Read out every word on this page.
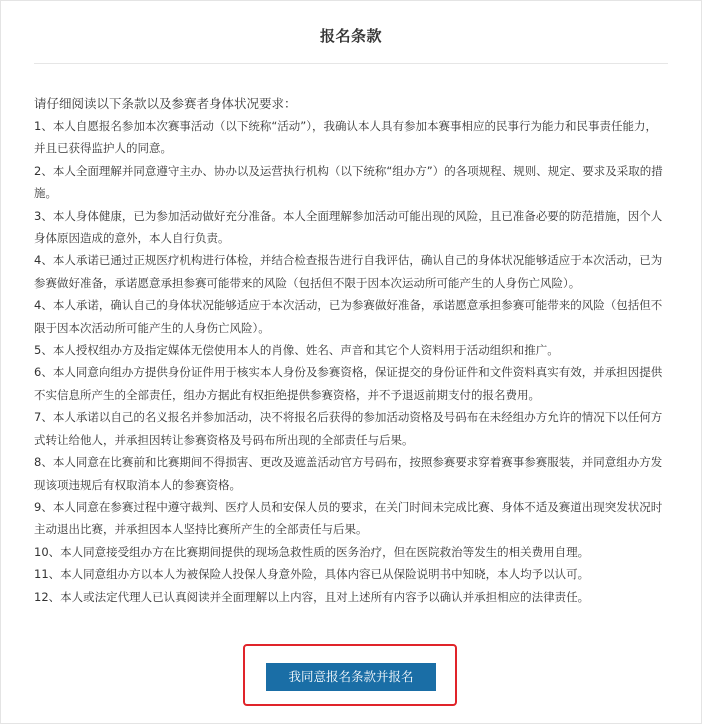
报名条款

请仔细阅读以下条款以及参赛者身体状况要求：

1、本人自愿报名参加本次赛事活动（以下统称“活动”），我确认本人具有参加本赛事相应的民事行为能力和民事责任能力，并且已获得监护人的同意。

2、本人全面理解并同意遵守主办、协办以及运营执行机构（以下统称“组办方”）的各项规程、规则、规定、要求及采取的措施。

3、本人身体健康，已为参加活动做好充分准备。本人全面理解参加活动可能出现的风险，且已准备必要的防范措施，因个人身体原因造成的意外，本人自行负责。

4、本人承诺已通过正规医疗机构进行体检，并结合检查报告进行自我评估，确认自己的身体状况能够适应于本次活动，已为参赛做好准备，承诺愿意承担参赛可能带来的风险（包括但不限于因本次运动所可能产生的人身伤亡风险）。

4、本人承诺，确认自己的身体状况能够适应于本次活动，已为参赛做好准备，承诺愿意承担参赛可能带来的风险（包括但不限于因本次活动所可能产生的人身伤亡风险）。

5、本人授权组办方及指定媒体无偿使用本人的肖像、姓名、声音和其它个人资料用于活动组织和推广。

6、本人同意向组办方提供身份证件用于核实本人身份及参赛资格，保证提交的身份证件和文件资料真实有效，并承担因提供不实信息所产生的全部责任，组办方据此有权拒绝提供参赛资格，并不予退返前期支付的报名费用。

7、本人承诺以自己的名义报名并参加活动，决不将报名后获得的参加活动资格及号码布在未经组办方允许的情况下以任何方式转让给他人，并承担因转让参赛资格及号码布所出现的全部责任与后果。

8、本人同意在比赛前和比赛期间不得损害、更改及遮盖活动官方号码布，按照参赛要求穿着赛事参赛服装，并同意组办方发现该项违规后有权取消本人的参赛资格。

9、本人同意在参赛过程中遵守裁判、医疗人员和安保人员的要求，在关门时间未完成比赛、身体不适及赛道出现突发状况时主动退出比赛，并承担因本人坚持比赛所产生的全部责任与后果。

10、本人同意接受组办方在比赛期间提供的现场急救性质的医务治疗，但在医院救治等发生的相关费用自理。

11、本人同意组办方以本人为被保险人投保人身意外险，具体内容已从保险说明书中知晓，本人均予以认可。

12、本人或法定代理人已认真阅读并全面理解以上内容，且对上述所有内容予以确认并承担相应的法律责任。

我同意报名条款并报名
